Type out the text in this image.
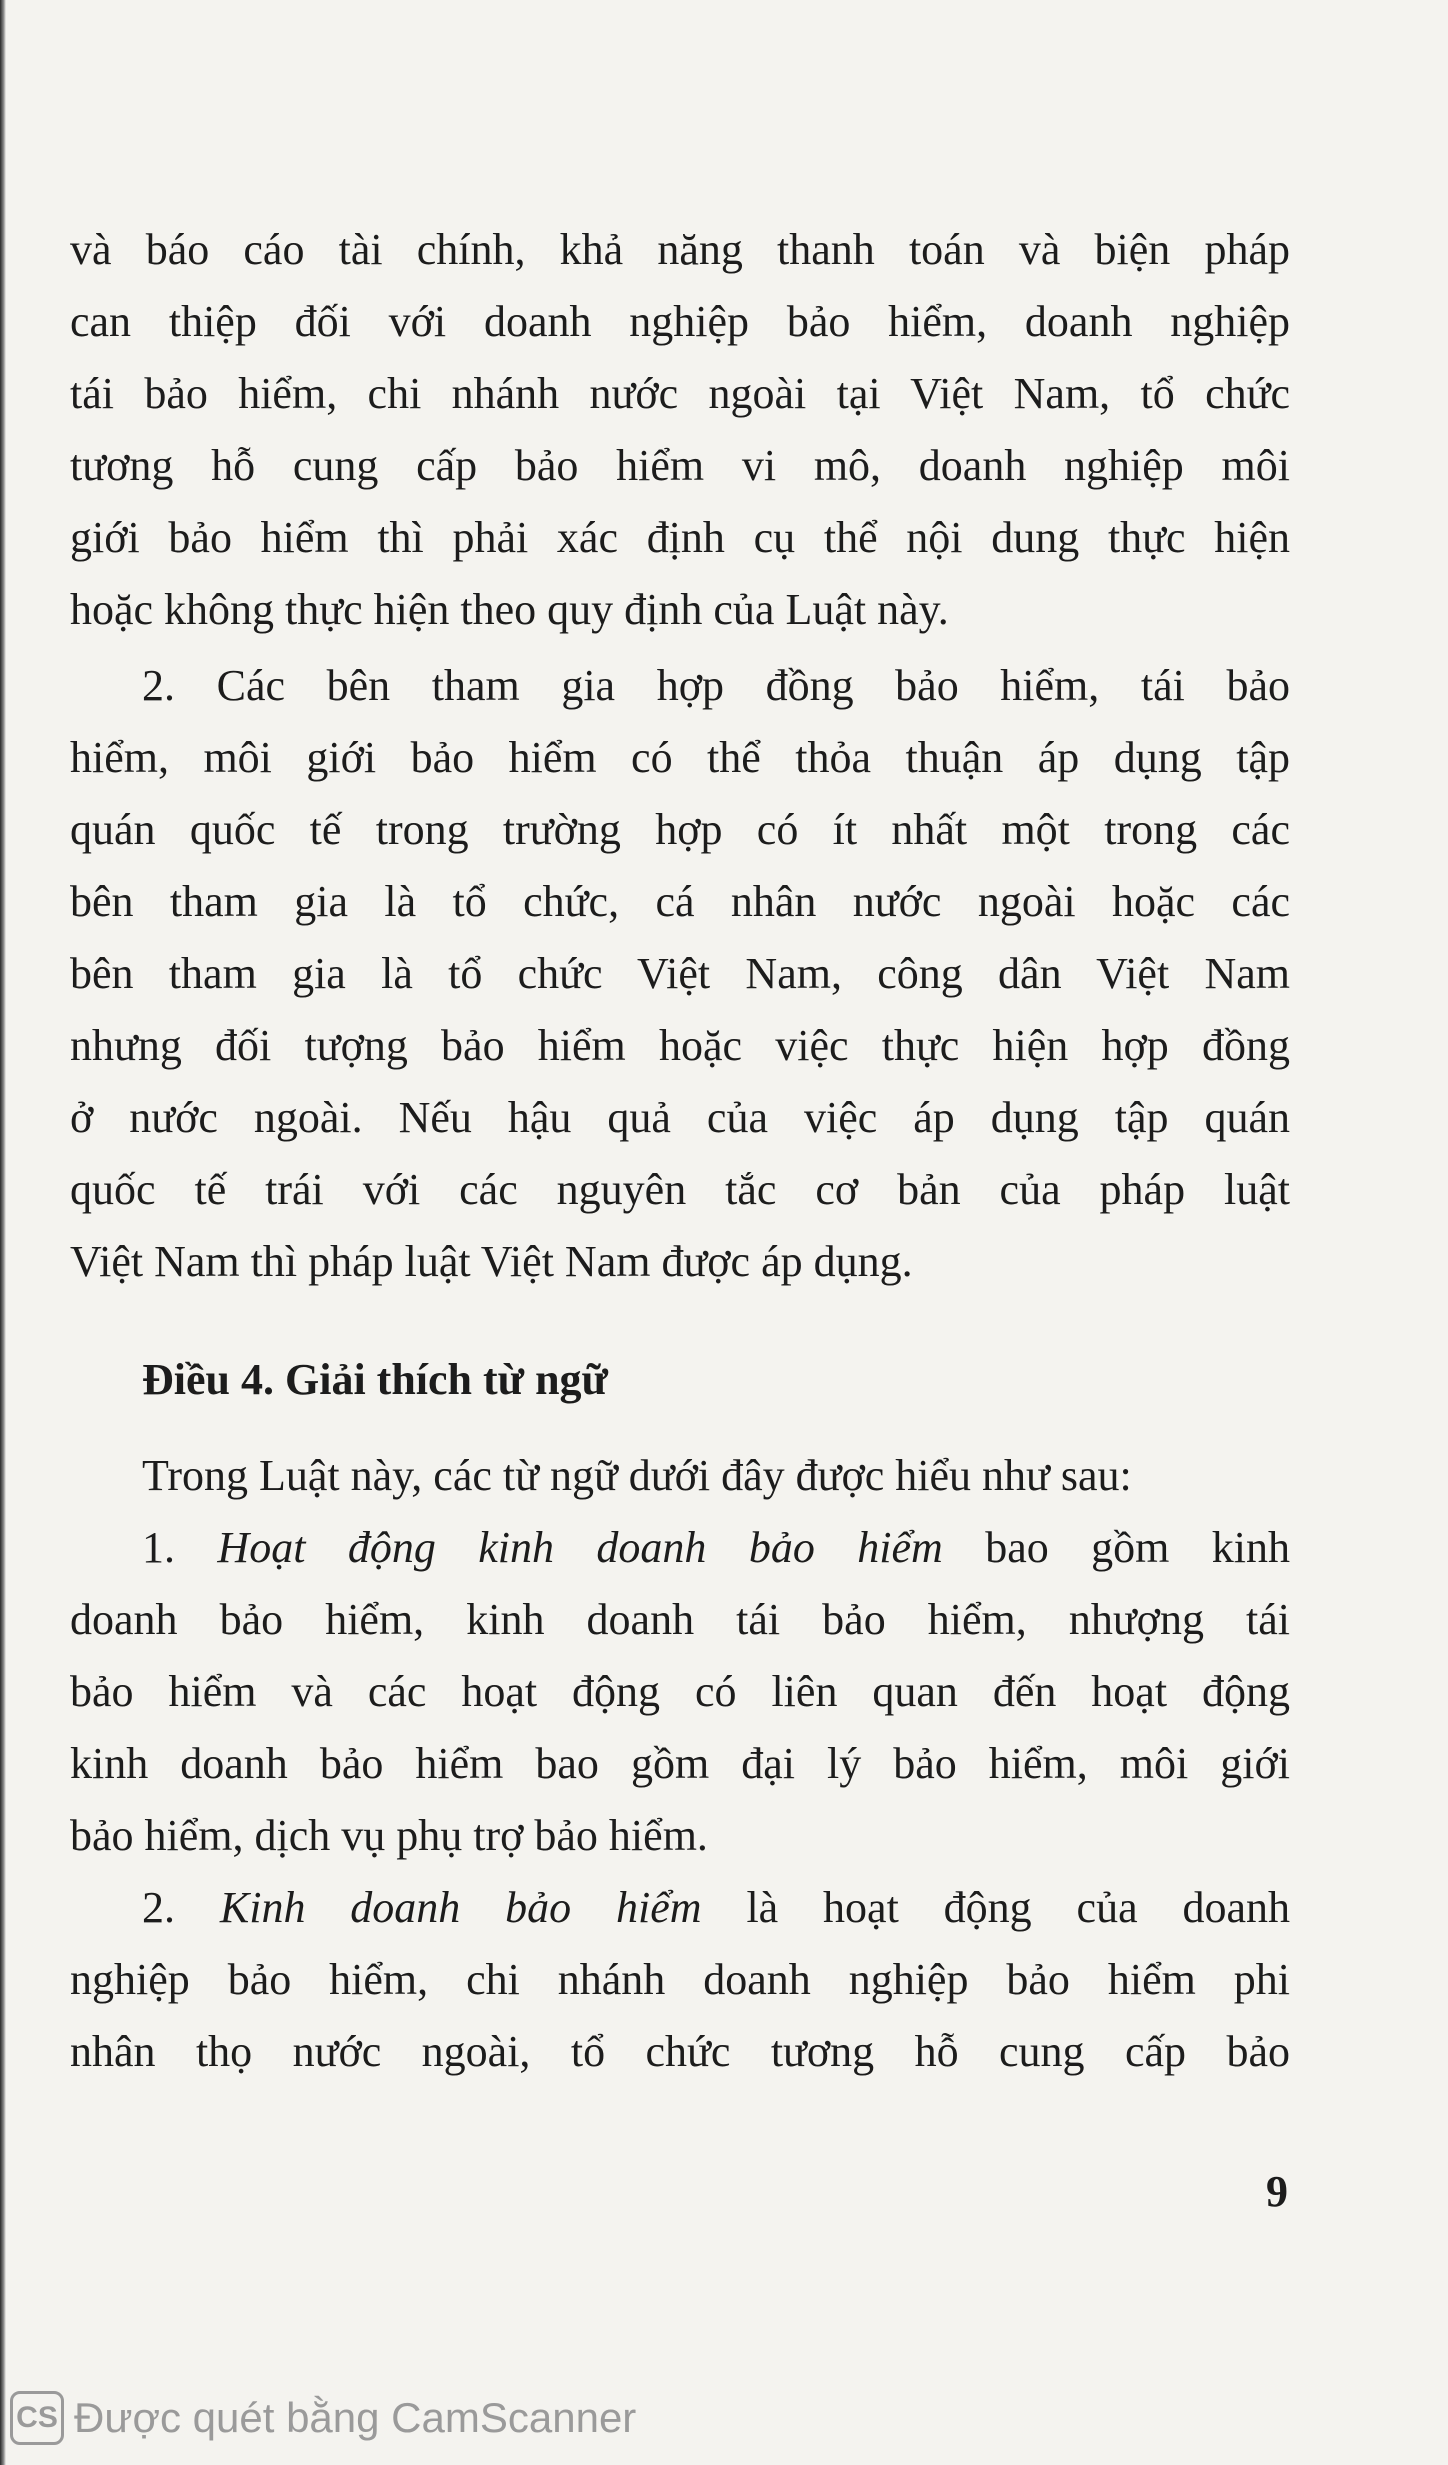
và báo cáo tài chính, khả năng thanh toán và biện pháp
can thiệp đối với doanh nghiệp bảo hiểm, doanh nghiệp
tái bảo hiểm, chi nhánh nước ngoài tại Việt Nam, tổ chức
tương hỗ cung cấp bảo hiểm vi mô, doanh nghiệp môi
giới bảo hiểm thì phải xác định cụ thể nội dung thực hiện
hoặc không thực hiện theo quy định của Luật này.
2. Các bên tham gia hợp đồng bảo hiểm, tái bảo
hiểm, môi giới bảo hiểm có thể thỏa thuận áp dụng tập
quán quốc tế trong trường hợp có ít nhất một trong các
bên tham gia là tổ chức, cá nhân nước ngoài hoặc các
bên tham gia là tổ chức Việt Nam, công dân Việt Nam
nhưng đối tượng bảo hiểm hoặc việc thực hiện hợp đồng
ở nước ngoài. Nếu hậu quả của việc áp dụng tập quán
quốc tế trái với các nguyên tắc cơ bản của pháp luật
Việt Nam thì pháp luật Việt Nam được áp dụng.
Điều 4. Giải thích từ ngữ
Trong Luật này, các từ ngữ dưới đây được hiểu như sau:
1. Hoạt động kinh doanh bảo hiểm bao gồm kinh
doanh bảo hiểm, kinh doanh tái bảo hiểm, nhượng tái
bảo hiểm và các hoạt động có liên quan đến hoạt động
kinh doanh bảo hiểm bao gồm đại lý bảo hiểm, môi giới
bảo hiểm, dịch vụ phụ trợ bảo hiểm.
2. Kinh doanh bảo hiểm là hoạt động của doanh
nghiệp bảo hiểm, chi nhánh doanh nghiệp bảo hiểm phi
nhân thọ nước ngoài, tổ chức tương hỗ cung cấp bảo
9
CS Được quét bằng CamScanner
